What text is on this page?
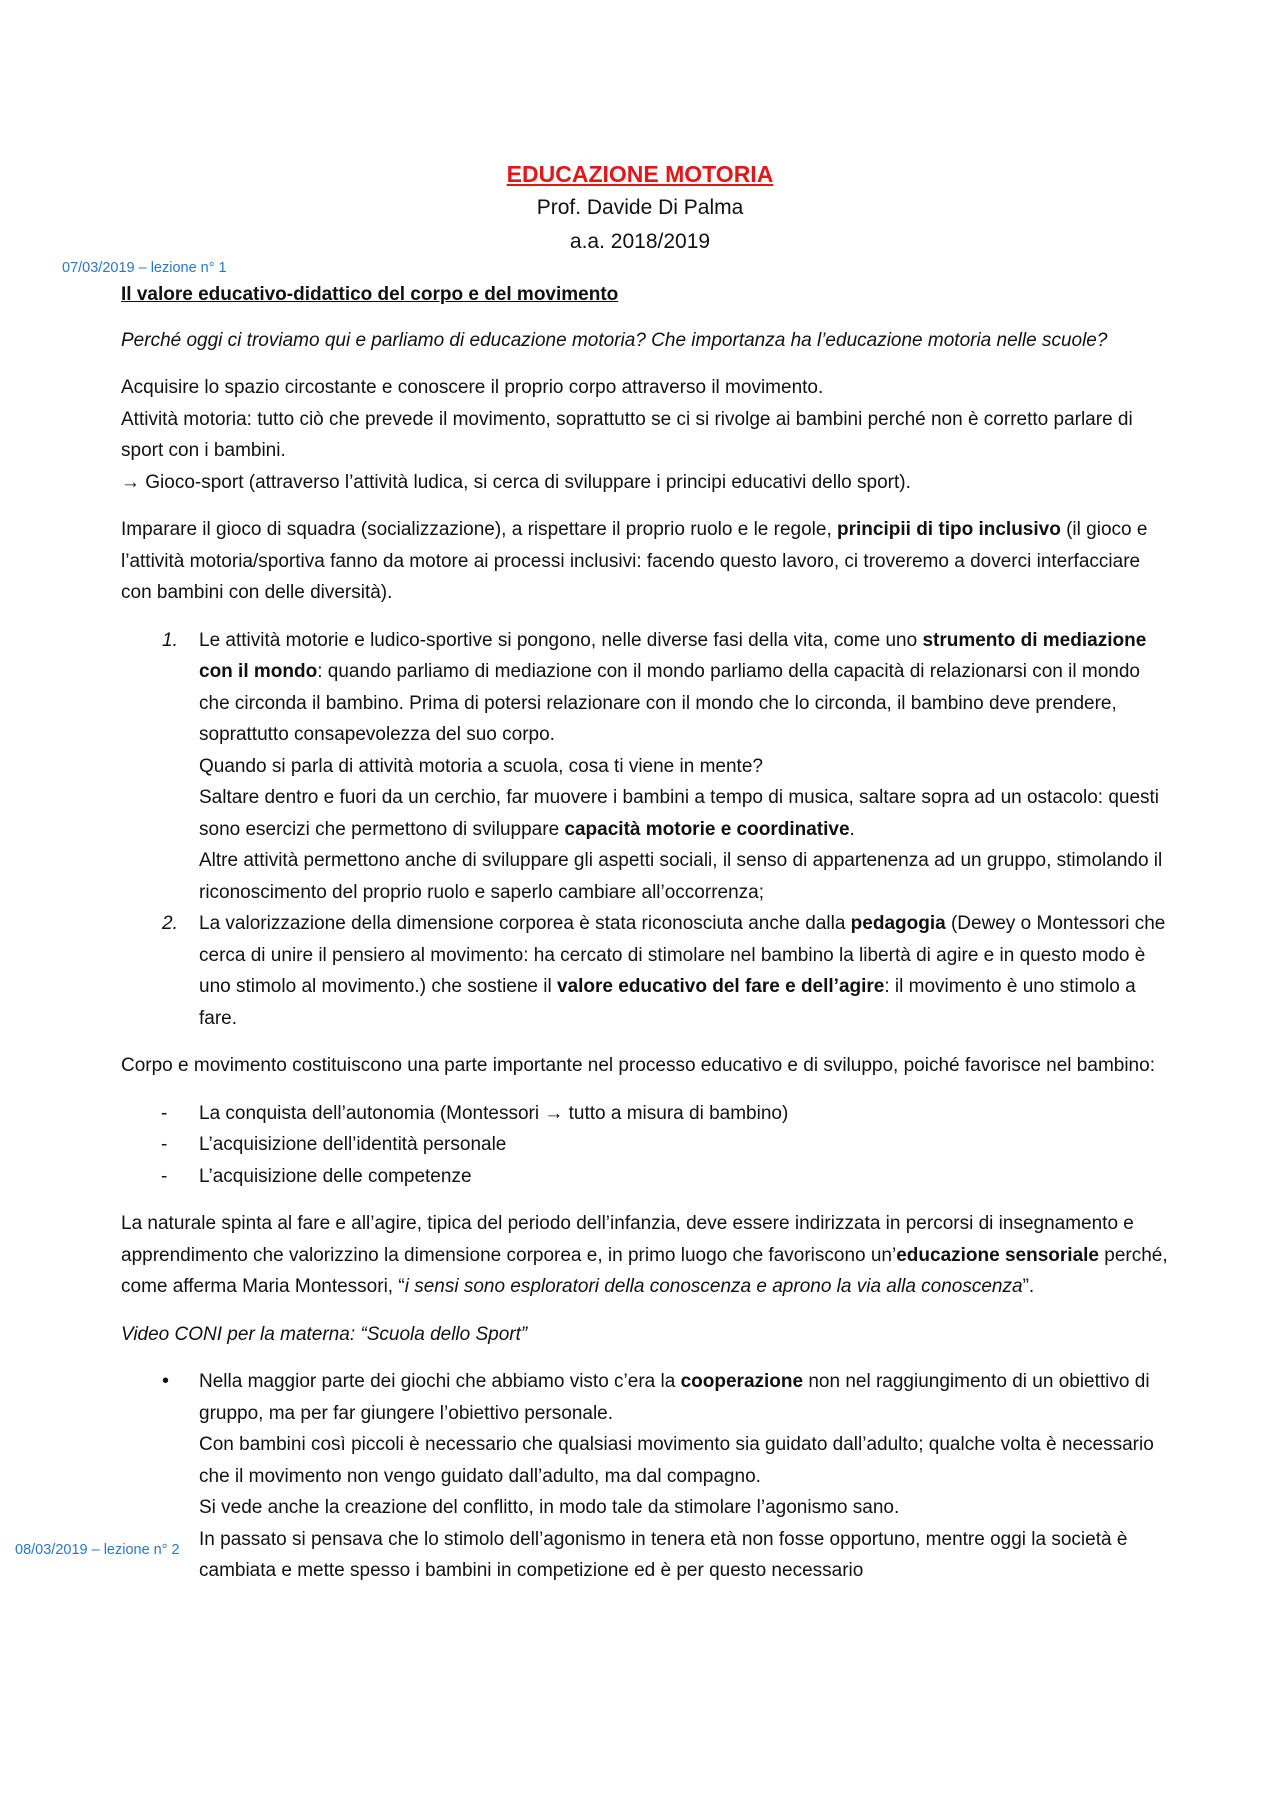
EDUCAZIONE MOTORIA

Prof. Davide Di Palma

a.a. 2018/2019

07/03/2019 – lezione n° 1
08/03/2019 – lezione n° 2

Il valore educativo-didattico del corpo e del movimento

Perché oggi ci troviamo qui e parliamo di educazione motoria? Che importanza ha l’educazione motoria nelle scuole?

Acquisire lo spazio circostante e conoscere il proprio corpo attraverso il movimento.
Attività motoria: tutto ciò che prevede il movimento, soprattutto se ci si rivolge ai bambini perché non è corretto parlare di sport con i bambini.
→ Gioco-sport (attraverso l’attività ludica, si cerca di sviluppare i principi educativi dello sport).

Imparare il gioco di squadra (socializzazione), a rispettare il proprio ruolo e le regole, principii di tipo inclusivo (il gioco e l’attività motoria/sportiva fanno da motore ai processi inclusivi: facendo questo lavoro, ci troveremo a doverci interfacciare con bambini con delle diversità).

1. Le attività motorie e ludico-sportive si pongono, nelle diverse fasi della vita, come uno strumento di mediazione con il mondo: quando parliamo di mediazione con il mondo parliamo della capacità di relazionarsi con il mondo che circonda il bambino. Prima di potersi relazionare con il mondo che lo circonda, il bambino deve prendere, soprattutto consapevolezza del suo corpo.
Quando si parla di attività motoria a scuola, cosa ti viene in mente?
Saltare dentro e fuori da un cerchio, far muovere i bambini a tempo di musica, saltare sopra ad un ostacolo: questi sono esercizi che permettono di sviluppare capacità motorie e coordinative.
Altre attività permettono anche di sviluppare gli aspetti sociali, il senso di appartenenza ad un gruppo, stimolando il riconoscimento del proprio ruolo e saperlo cambiare all’occorrenza;
2. La valorizzazione della dimensione corporea è stata riconosciuta anche dalla pedagogia (Dewey o Montessori che cerca di unire il pensiero al movimento: ha cercato di stimolare nel bambino la libertà di agire e in questo modo è uno stimolo al movimento.) che sostiene il valore educativo del fare e dell’agire: il movimento è uno stimolo a fare.

Corpo e movimento costituiscono una parte importante nel processo educativo e di sviluppo, poiché favorisce nel bambino:

- La conquista dell’autonomia (Montessori → tutto a misura di bambino)
- L’acquisizione dell’identità personale
- L’acquisizione delle competenze

La naturale spinta al fare e all’agire, tipica del periodo dell’infanzia, deve essere indirizzata in percorsi di insegnamento e apprendimento che valorizzino la dimensione corporea e, in primo luogo che favoriscono un’educazione sensoriale perché, come afferma Maria Montessori, “i sensi sono esploratori della conoscenza e aprono la via alla conoscenza”.

Video CONI per la materna: “Scuola dello Sport”

• Nella maggior parte dei giochi che abbiamo visto c’era la cooperazione non nel raggiungimento di un obiettivo di gruppo, ma per far giungere l’obiettivo personale.
Con bambini così piccoli è necessario che qualsiasi movimento sia guidato dall’adulto; qualche volta è necessario che il movimento non vengo guidato dall’adulto, ma dal compagno.
Si vede anche la creazione del conflitto, in modo tale da stimolare l’agonismo sano.
In passato si pensava che lo stimolo dell’agonismo in tenera età non fosse opportuno, mentre oggi la società è cambiata e mette spesso i bambini in competizione ed è per questo necessario
